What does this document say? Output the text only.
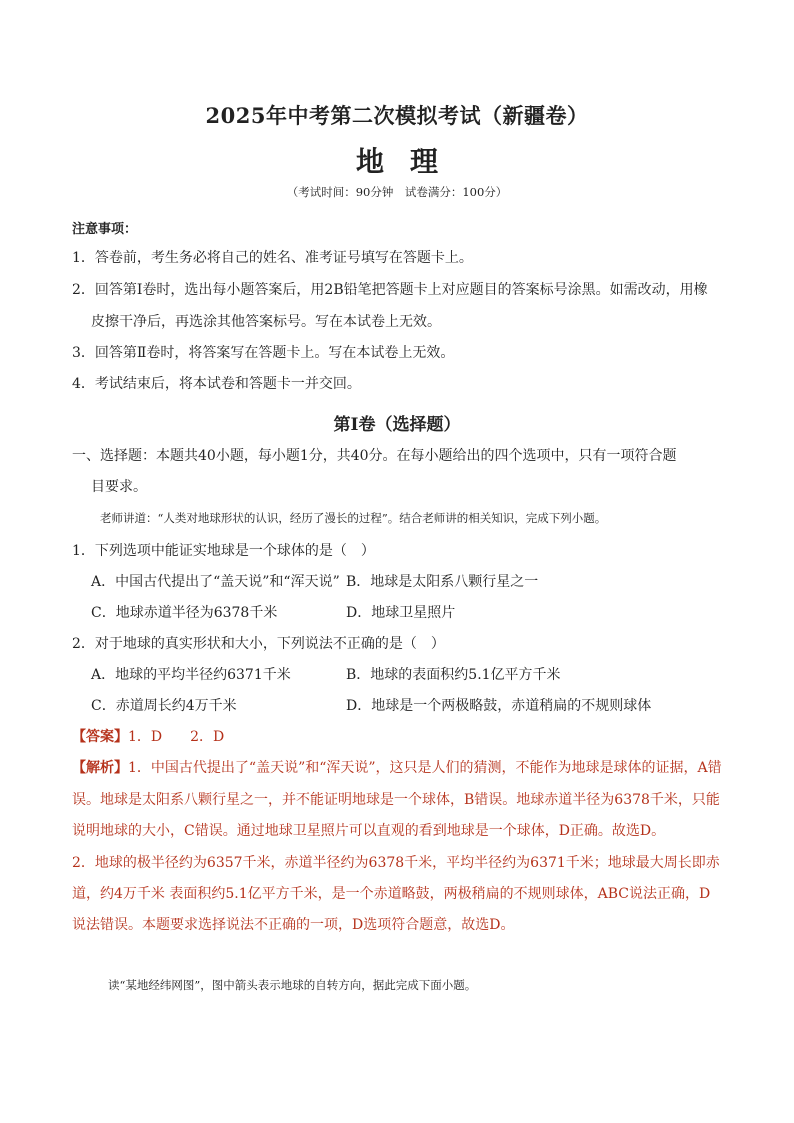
2025年中考第二次模拟考试（新疆卷）
地理
（考试时间：90分钟　试卷满分：100分）
注意事项：
1．答卷前，考生务必将自己的姓名、准考证号填写在答题卡上。
2．回答第Ⅰ卷时，选出每小题答案后，用2B铅笔把答题卡上对应题目的答案标号涂黑。如需改动，用橡
皮擦干净后，再选涂其他答案标号。写在本试卷上无效。
3．回答第Ⅱ卷时，将答案写在答题卡上。写在本试卷上无效。
4．考试结束后，将本试卷和答题卡一并交回。
第Ⅰ卷（选择题）
一、选择题：本题共40小题，每小题1分，共40分。在每小题给出的四个选项中，只有一项符合题
目要求。
老师讲道：“人类对地球形状的认识，经历了漫长的过程”。结合老师讲的相关知识，完成下列小题。
1．下列选项中能证实地球是一个球体的是（　）
A．中国古代提出了“盖天说”和“浑天说” B．地球是太阳系八颗行星之一
C．地球赤道半径为6378千米	D．地球卫星照片
2．对于地球的真实形状和大小，下列说法不正确的是（　）
A．地球的平均半径约6371千米	B．地球的表面积约5.1亿平方千米
C．赤道周长约4万千米	D．地球是一个两极略鼓，赤道稍扁的不规则球体
【答案】1．D　　2．D
【解析】1．中国古代提出了“盖天说”和“浑天说”，这只是人们的猜测，不能作为地球是球体的证据，A错
误。地球是太阳系八颗行星之一，并不能证明地球是一个球体，B错误。地球赤道半径为6378千米，只能
说明地球的大小，C错误。通过地球卫星照片可以直观的看到地球是一个球体，D正确。故选D。
2．地球的极半径约为6357千米，赤道半径约为6378千米，平均半径约为6371千米；地球最大周长即赤
道，约4万千米 表面积约5.1亿平方千米，是一个赤道略鼓，两极稍扁的不规则球体，ABC说法正确，D
说法错误。本题要求选择说法不正确的一项，D选项符合题意，故选D。
读“某地经纬网图”，图中箭头表示地球的自转方向，据此完成下面小题。
